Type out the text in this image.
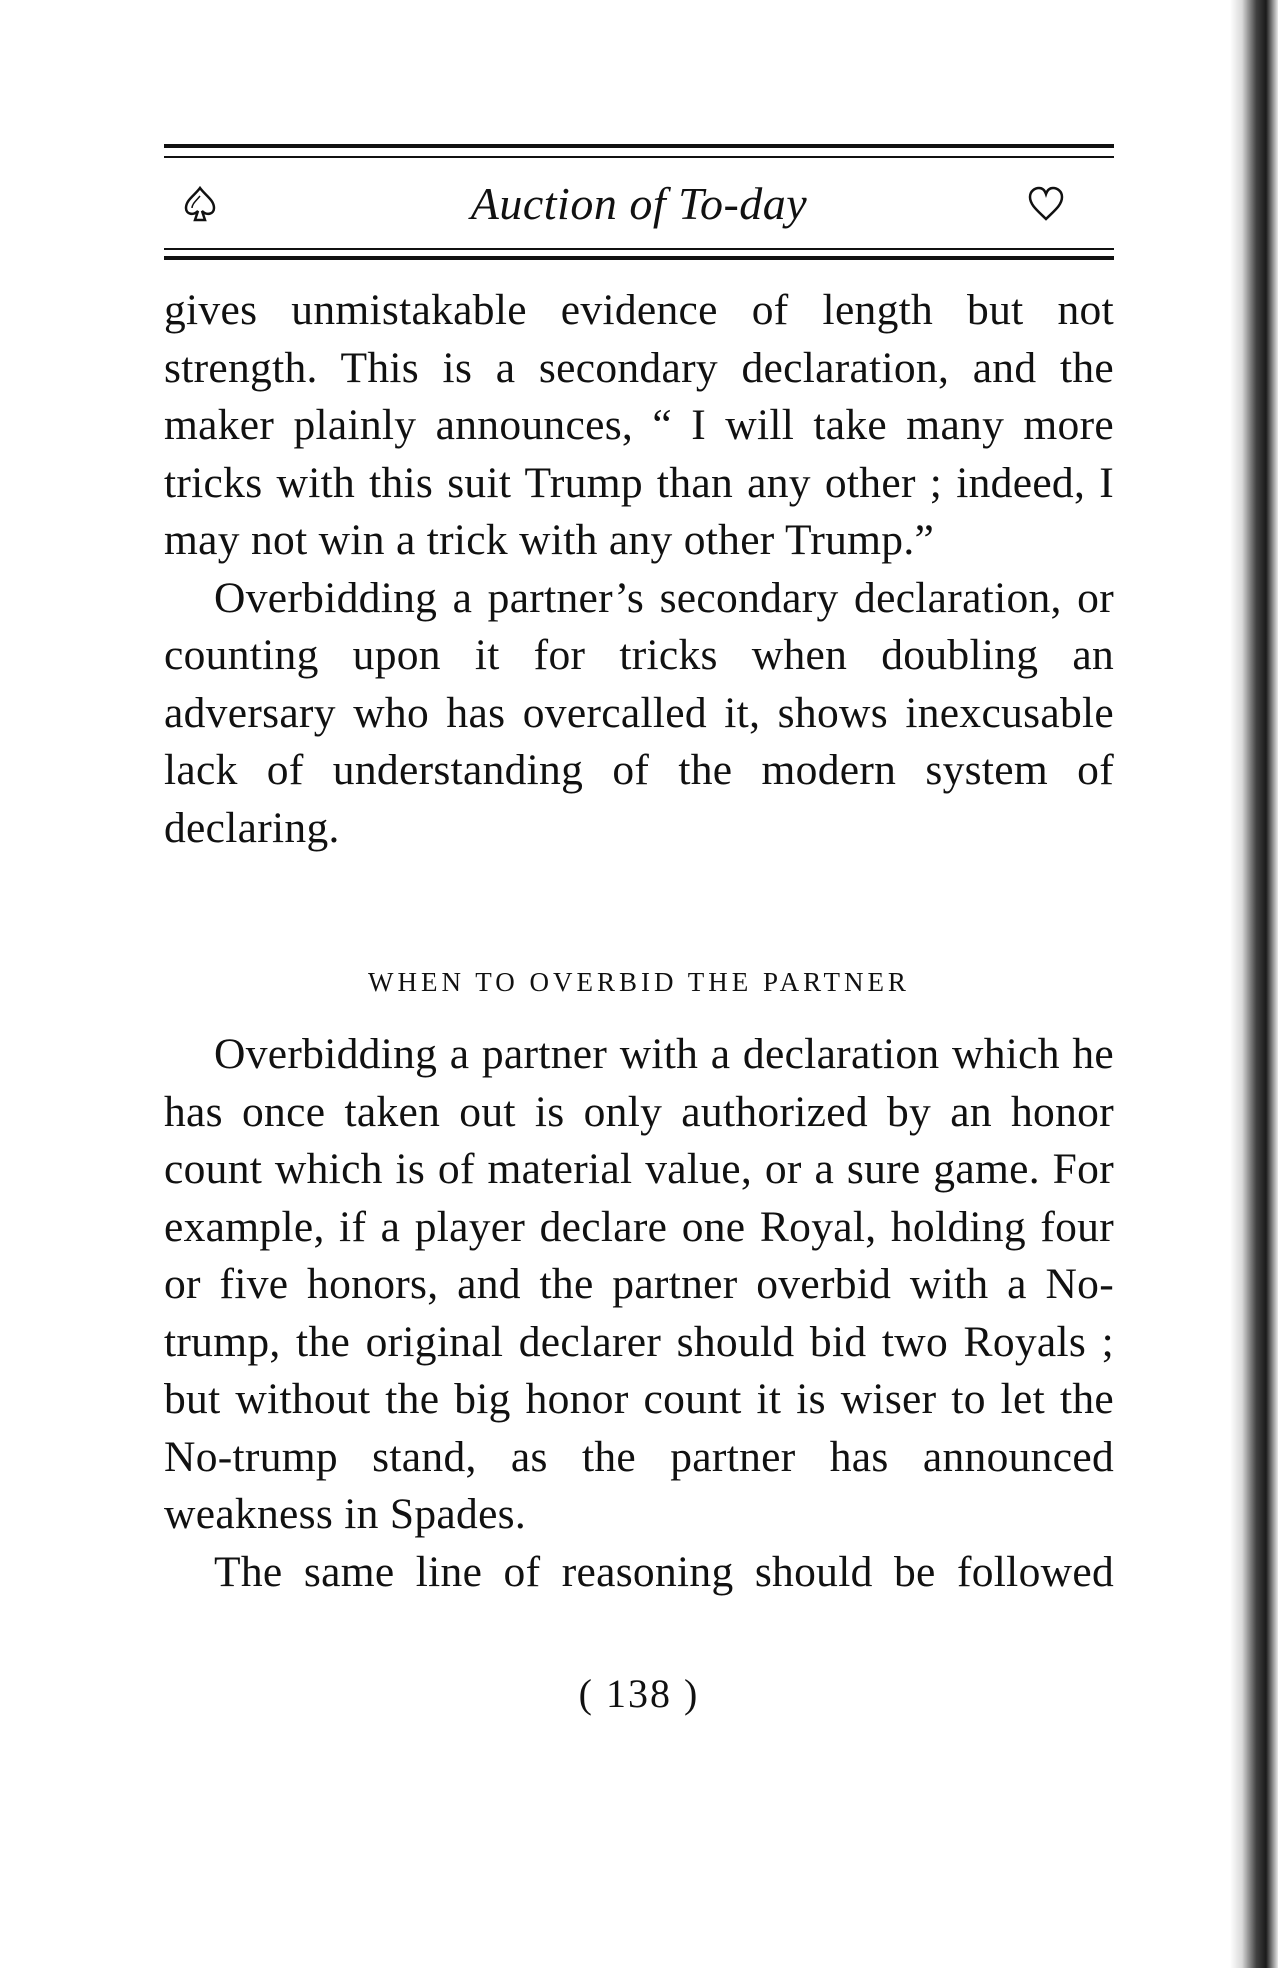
Auction of To-day

gives unmistakable evidence of length but not strength. This is a secondary declaration, and the maker plainly announces, “ I will take many more tricks with this suit Trump than any other ; indeed, I may not win a trick with any other Trump.”

Overbidding a partner’s secondary declaration, or counting upon it for tricks when doubling an adversary who has overcalled it, shows inexcusable lack of understanding of the modern system of declaring.

WHEN TO OVERBID THE PARTNER

Overbidding a partner with a declaration which he has once taken out is only authorized by an honor count which is of material value, or a sure game. For example, if a player declare one Royal, holding four or five honors, and the partner overbid with a No-trump, the original declarer should bid two Royals ; but without the big honor count it is wiser to let the No-trump stand, as the partner has announced weakness in Spades.

The same line of reasoning should be followed

( 138 )
